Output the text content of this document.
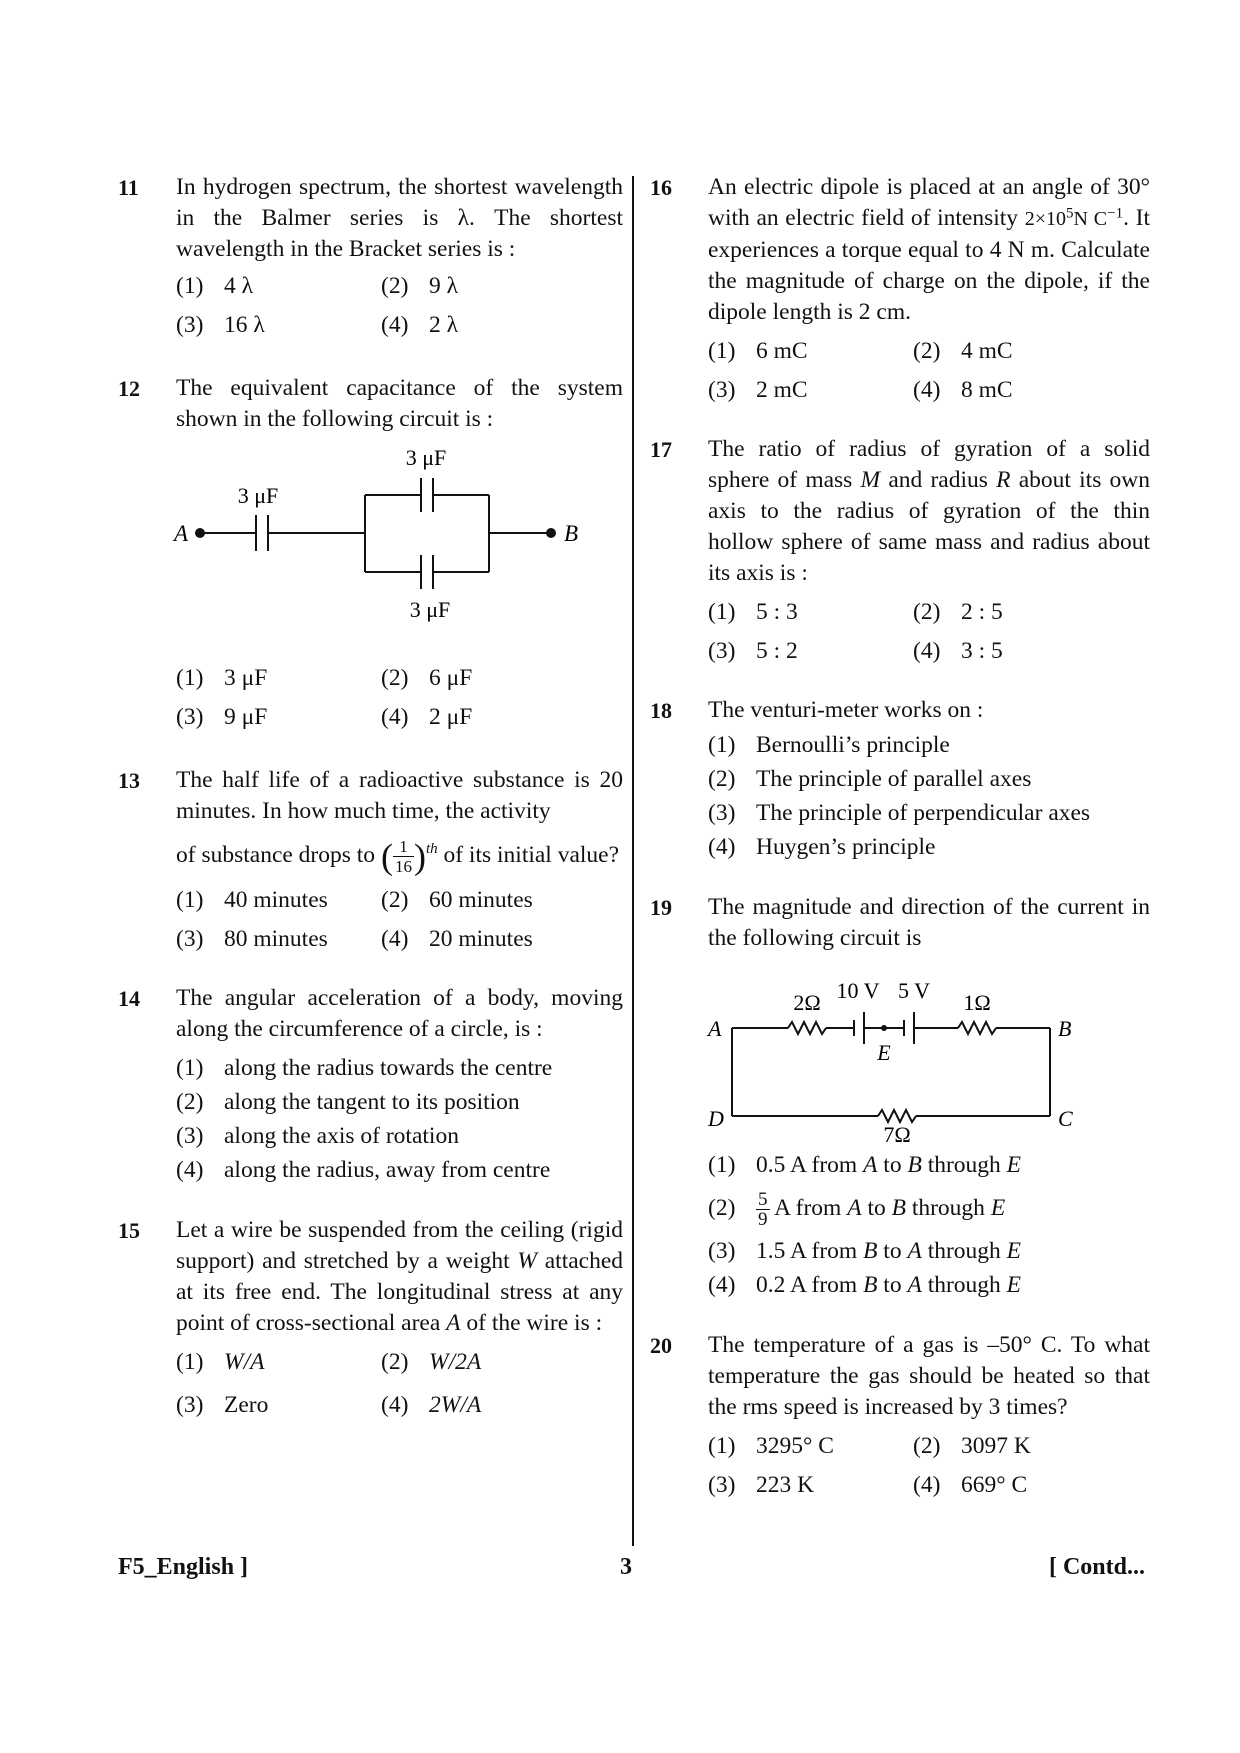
11 In hydrogen spectrum, the shortest wavelength in the Balmer series is λ. The shortest wavelength in the Bracket series is :
(1) 4 λ	(2) 9 λ
(3) 16 λ	(4) 2 λ
12 The equivalent capacitance of the system shown in the following circuit is :
A	B
3 μF
3 μF
3 μF
(1) 3 μF	(2) 6 μF
(3) 9 μF	(4) 2 μF
13 The half life of a radioactive substance is 20 minutes. In how much time, the activity
of substance drops to ( $\frac{1}{16} )^{th}$ of its initial value?
(1) 40 minutes	(2) 60 minutes
(3) 80 minutes	(4) 20 minutes
14 The angular acceleration of a body, moving along the circumference of a circle, is :
(1) along the radius towards the centre
(2) along the tangent to its position
(3) along the axis of rotation
(4) along the radius, away from centre
15 Let a wire be suspended from the ceiling (rigid support) and stretched by a weight W attached at its free end. The longitudinal stress at any point of cross-sectional area A of the wire is :
(1) W/A	(2) W/2A
(3) Zero	(4) 2W/A
16 An electric dipole is placed at an angle of 30° with an electric field of intensity $2\times 10^5N$ $C^{-1}$. It experiences a torque equal to 4 N m. Calculate the magnitude of charge on the dipole, if the dipole length is 2 cm.
(1) 6 mC	(2) 4 mC
(3) 2 mC	(4) 8 mC
17 The ratio of radius of gyration of a solid sphere of mass M and radius R about its own axis to the radius of gyration of the thin hollow sphere of same mass and radius about its axis is :
(1) 5 : 3	(2) 2 : 5
(3) 5 : 2	(4) 3 : 5
18 The venturi-meter works on :
(1) Bernoulli’s principle
(2) The principle of parallel axes
(3) The principle of perpendicular axes
(4) Huygen’s principle
19 The magnitude and direction of the current in the following circuit is
A	B
C
D
E
2Ω 10 V 5 V 1Ω
7Ω
(1) 0.5 A from A to B through E
$(2) \frac{5}{9}$ A from A to B through E
(3) 1.5 A from B to A through E
(4) 0.2 A from B to A through E
20 The temperature of a gas is –50° C. To what temperature the gas should be heated so that the rms speed is increased by 3 times?
(1) 3295° C	(2) 3097 K
(3) 223 K	(4) 669° C
F5_English ]	3	[ Contd...
